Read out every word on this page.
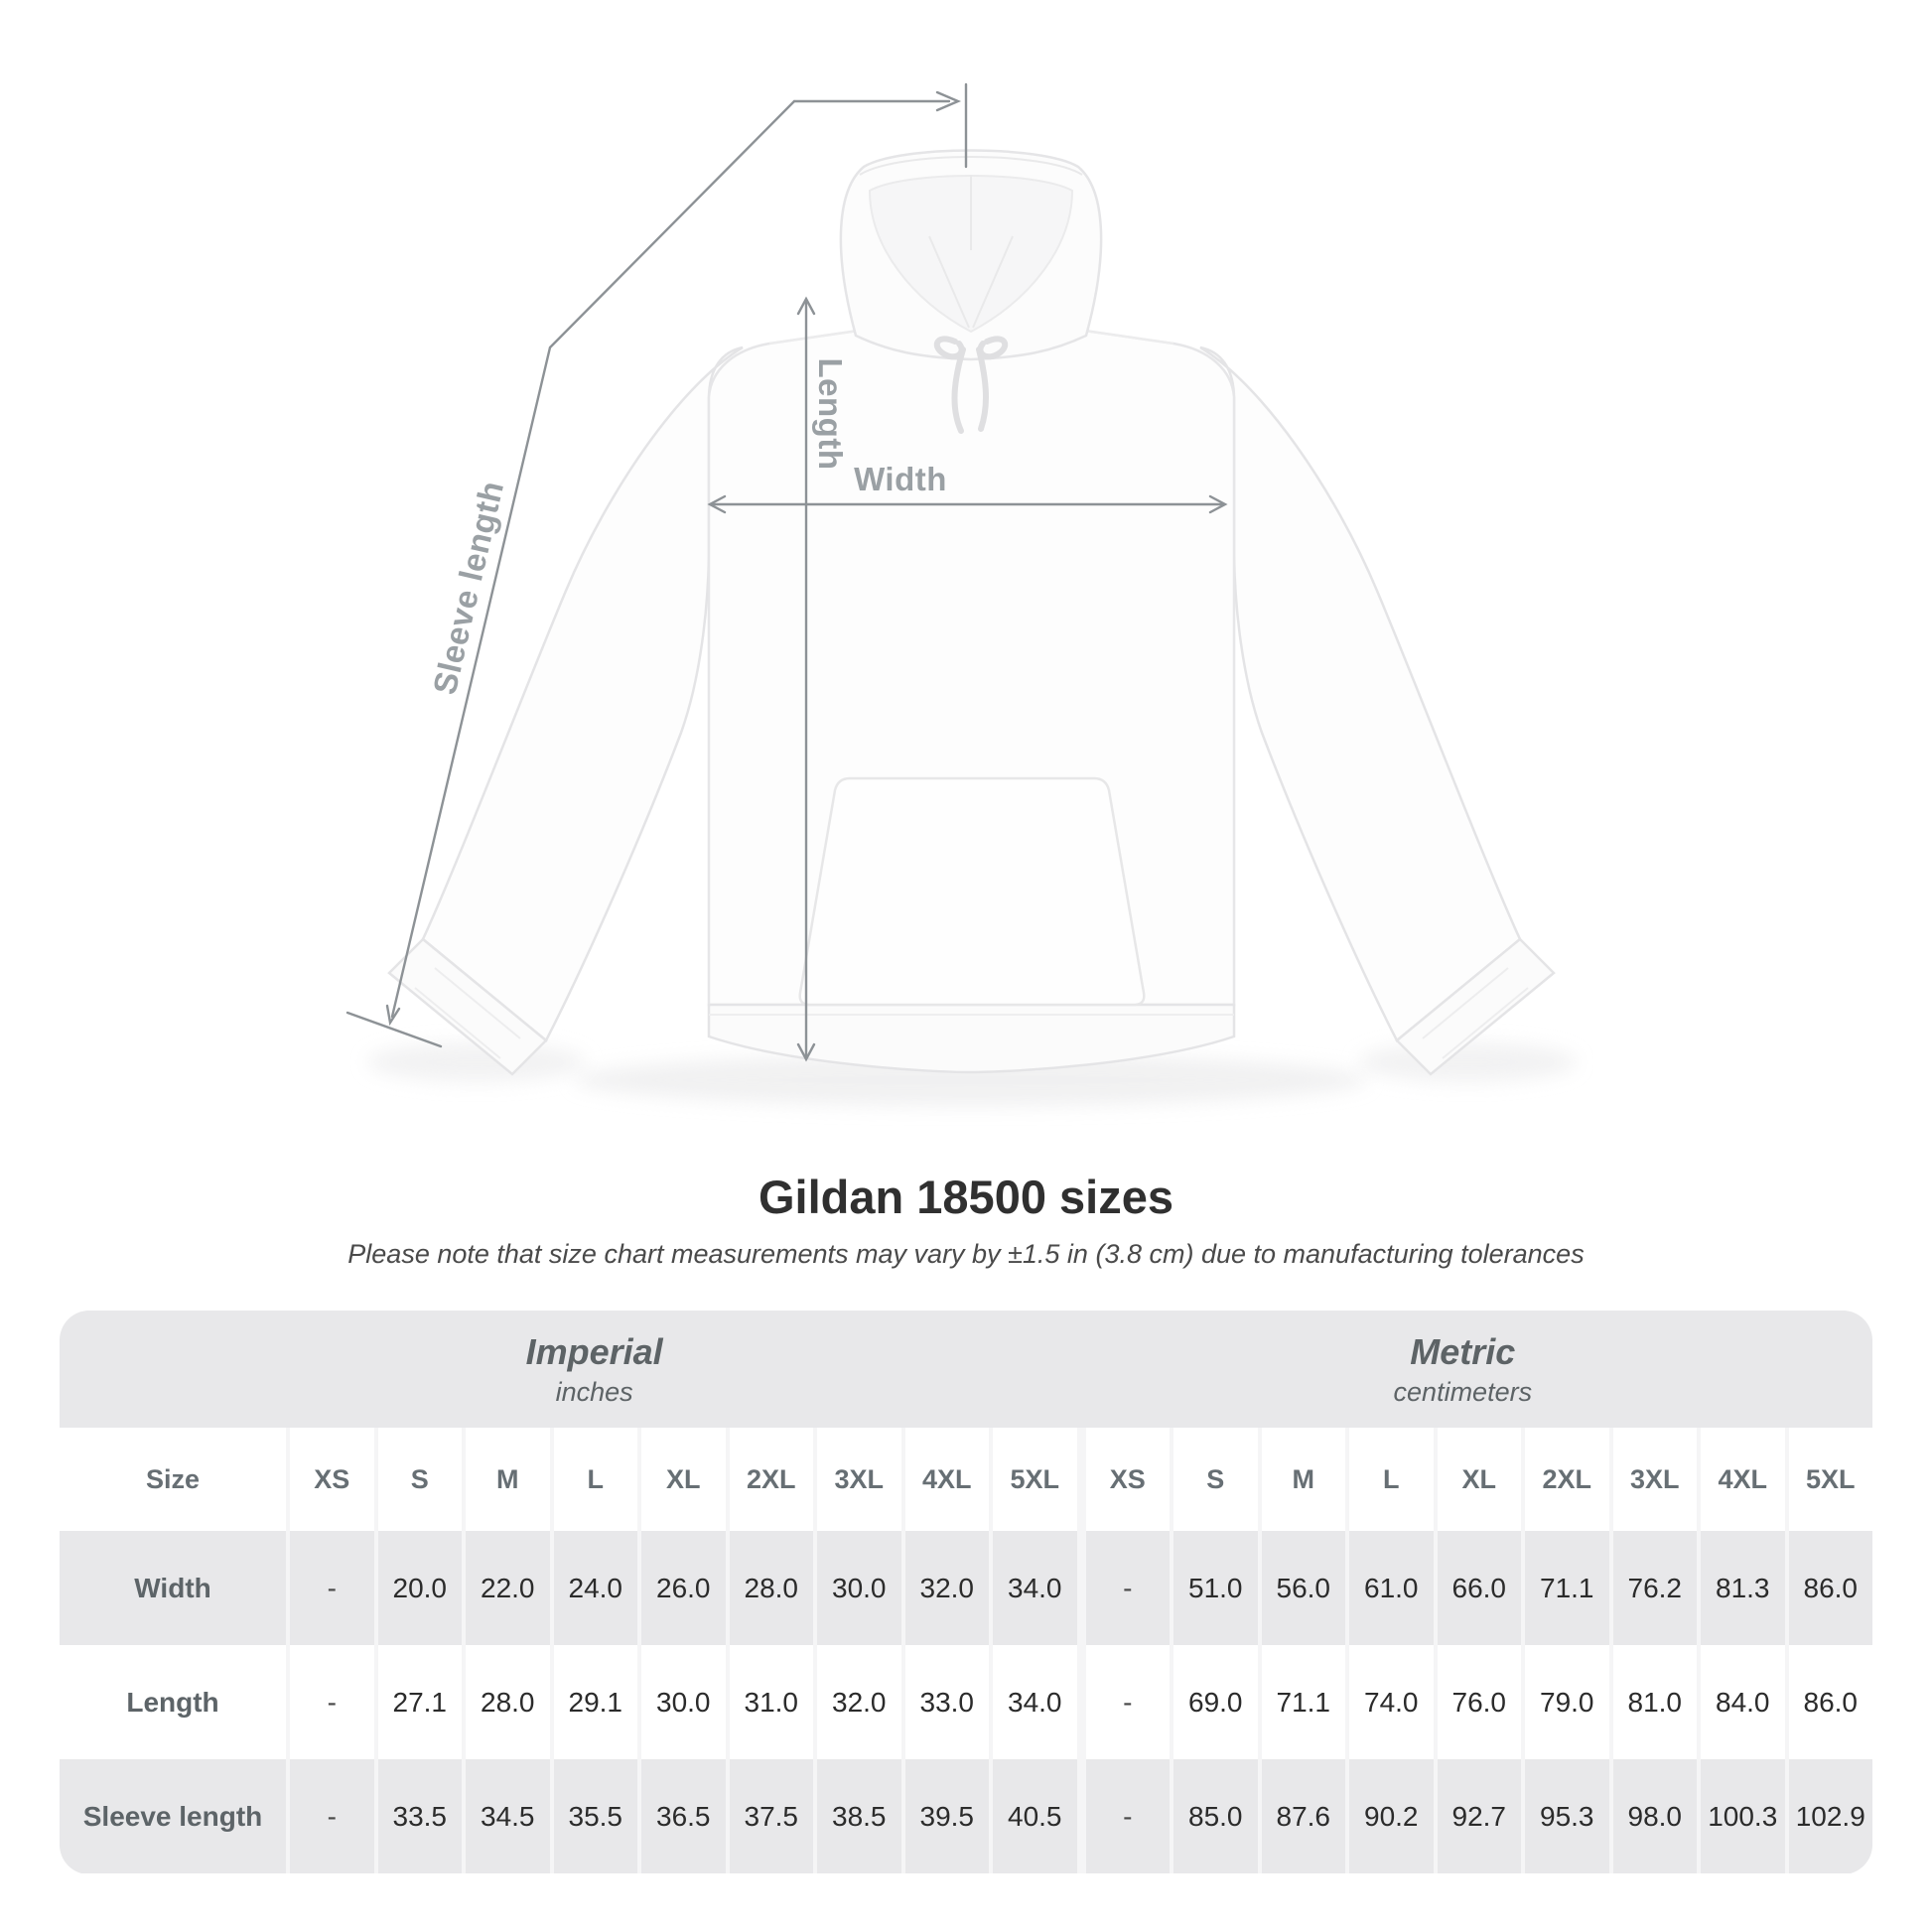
Sleeve length
Length
Width
Gildan 18500 sizes
Please note that size chart measurements may vary by ±1.5 in (3.8 cm) due to manufacturing tolerances
Imperial
inches
Metric
centimeters
Size	XS	S	M	L	XL	2XL	3XL	4XL	5XL	XS	S	M	L	XL	2XL	3XL	4XL	5XL
Width	-	20.0	22.0	24.0	26.0	28.0	30.0	32.0	34.0	-	51.0	56.0	61.0	66.0	71.1	76.2	81.3	86.0
Length	-	27.1	28.0	29.1	30.0	31.0	32.0	33.0	34.0	-	69.0	71.1	74.0	76.0	79.0	81.0	84.0	86.0
Sleeve length	-	33.5	34.5	35.5	36.5	37.5	38.5	39.5	40.5	-	85.0	87.6	90.2	92.7	95.3	98.0 100.3 102.9
